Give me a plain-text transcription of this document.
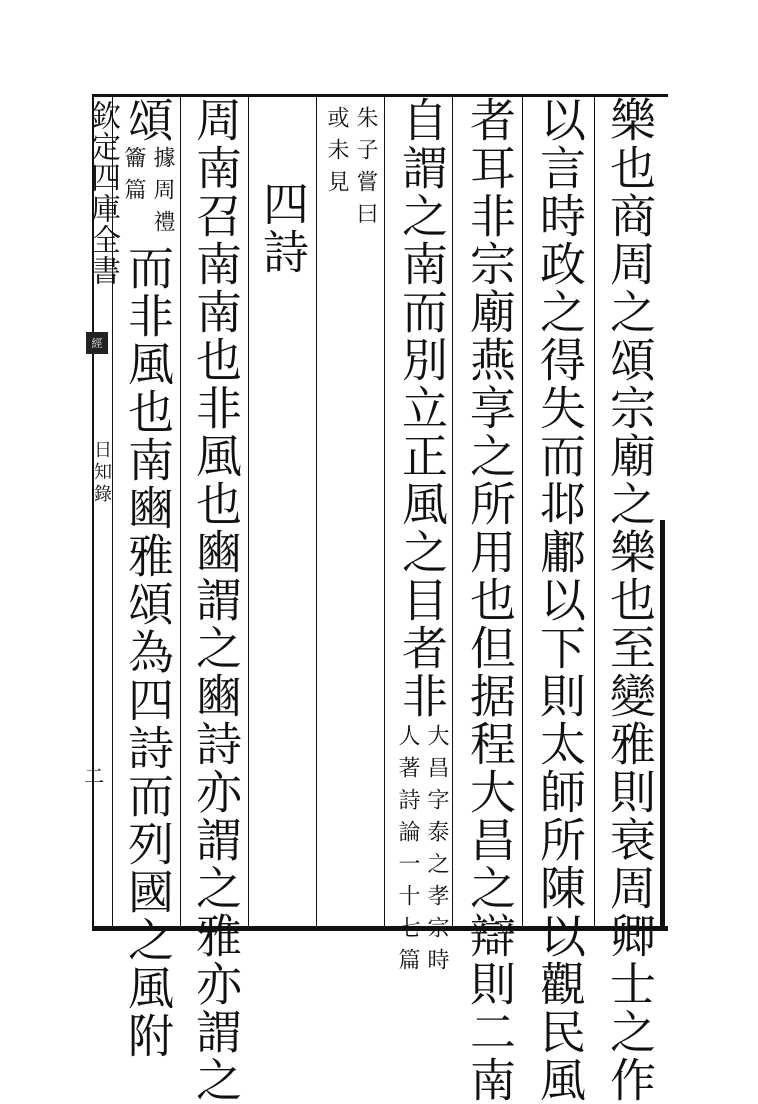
欽定四庫全書
經
日知錄
二	樂也商周之頌宗廟之樂也至變雅則衰周卿士之作
以言時政之得失而邶鄘以下則太師所陳以觀民風
者耳非宗廟燕享之所用也但据程大昌之辯則二南
自謂之南而別立正風之目者非
大昌字泰之孝宗時
人著詩論一十七篇
朱子嘗曰
或未見
四詩
周南召南南也非風也豳謂之豳詩亦謂之雅亦謂之
頌
據周禮
籥篇
而非風也南豳雅頌為四詩而列國之風附
